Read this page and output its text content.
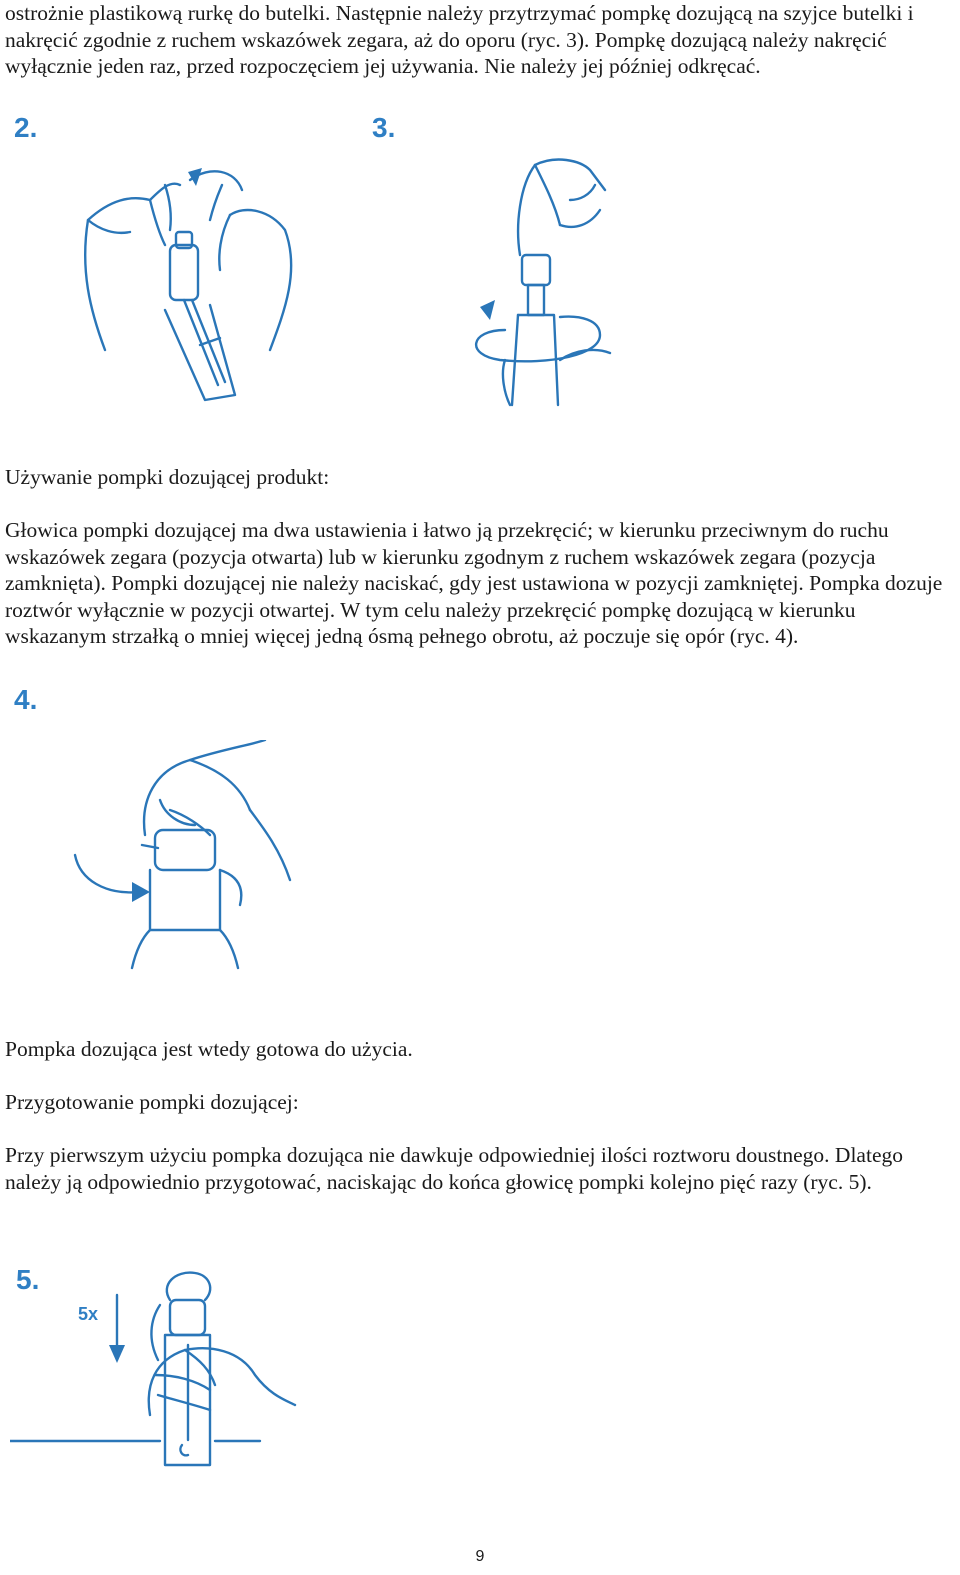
ostrożnie plastikową rurkę do butelki. Następnie należy przytrzymać pompkę dozującą na szyjce butelki i nakręcić zgodnie z ruchem wskazówek zegara, aż do oporu (ryc. 3). Pompkę dozującą należy nakręcić wyłącznie jeden raz, przed rozpoczęciem jej używania. Nie należy jej później odkręcać.

2.	3.

Używanie pompki dozującej produkt:

Głowica pompki dozującej ma dwa ustawienia i łatwo ją przekręcić; w kierunku przeciwnym do ruchu wskazówek zegara (pozycja otwarta) lub w kierunku zgodnym z ruchem wskazówek zegara (pozycja zamknięta). Pompki dozującej nie należy naciskać, gdy jest ustawiona w pozycji zamkniętej. Pompka dozuje roztwór wyłącznie w pozycji otwartej. W tym celu należy przekręcić pompkę dozującą w kierunku wskazanym strzałką o mniej więcej jedną ósmą pełnego obrotu, aż poczuje się opór (ryc. 4).

4.

Pompka dozująca jest wtedy gotowa do użycia.

Przygotowanie pompki dozującej:

Przy pierwszym użyciu pompka dozująca nie dawkuje odpowiedniej ilości roztworu doustnego. Dlatego należy ją odpowiednio przygotować, naciskając do końca głowicę pompki kolejno pięć razy (ryc. 5).

5.
5x
9
